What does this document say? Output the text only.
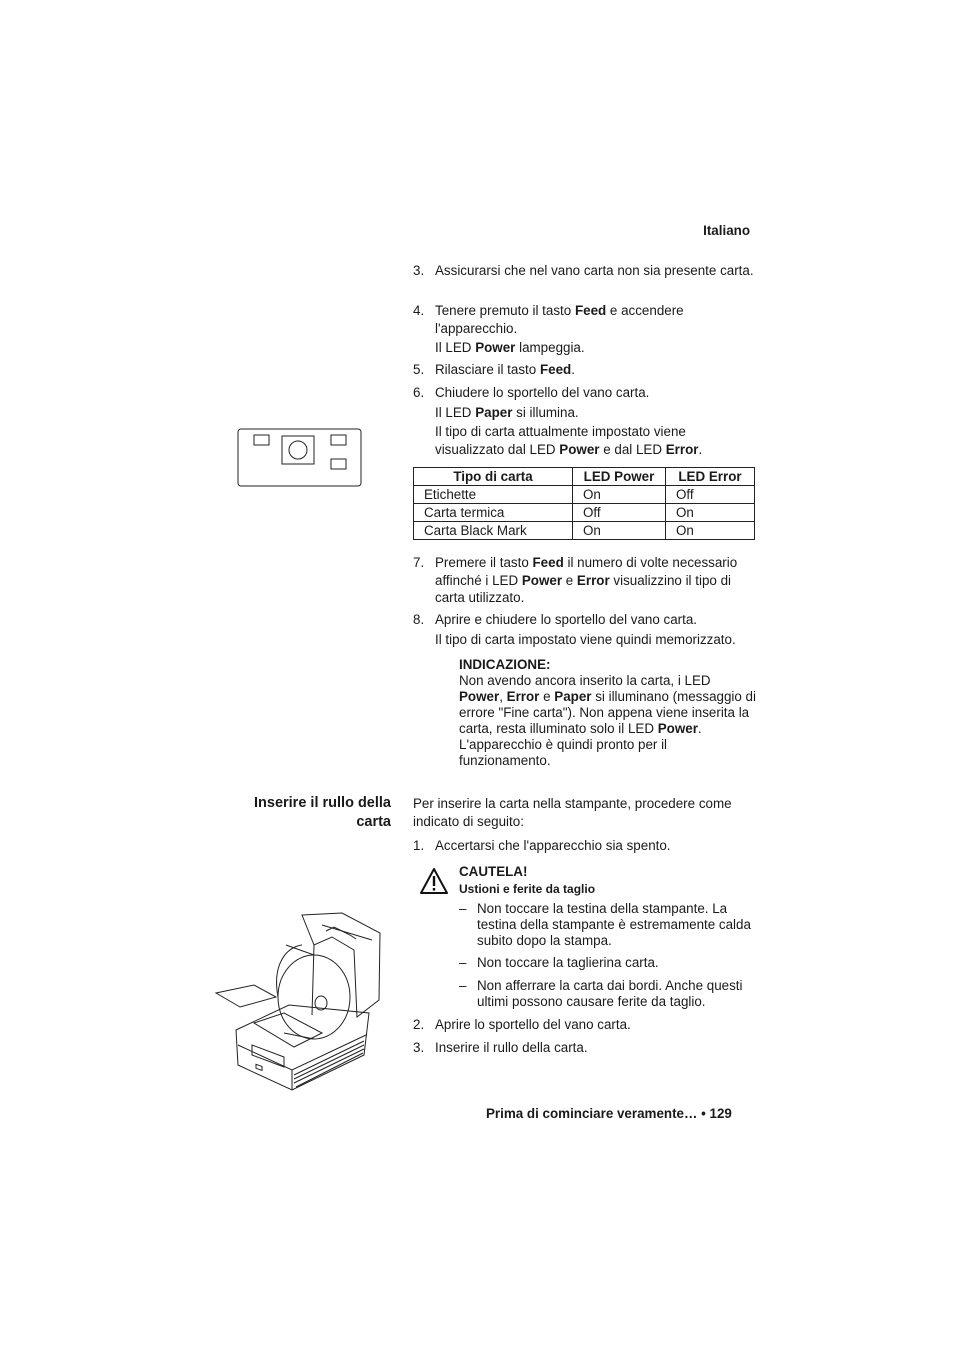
Italiano
3. Assicurarsi che nel vano carta non sia presente carta.

4. Tenere premuto il tasto Feed e accendere l'apparecchio.

Il LED Power lampeggia.

5. Rilasciare il tasto Feed.

6. Chiudere lo sportello del vano carta.

Il LED Paper si illumina.

Il tipo di carta attualmente impostato viene visualizzato dal LED Power e dal LED Error.

Tipo di carta	LED Power	LED Error
Etichette	On	Off
Carta termica	Off	On
Carta Black Mark	On	On
7. Premere il tasto Feed il numero di volte necessario affinché i LED Power e Error visualizzino il tipo di carta utilizzato.

8. Aprire e chiudere lo sportello del vano carta.

Il tipo di carta impostato viene quindi memorizzato.

INDICAZIONE:

Non avendo ancora inserito la carta, i LED Power, Error e Paper si illuminano (messaggio di errore "Fine carta"). Non appena viene inserita la carta, resta illuminato solo il LED Power. L'apparecchio è quindi pronto per il funzionamento.

Inserire il rullo della
carta
Per inserire la carta nella stampante, procedere come indicato di seguito:
1. Accertarsi che l'apparecchio sia spento.
CAUTELA!
Ustioni e ferite da taglio
– Non toccare la testina della stampante. La testina della stampante è estremamente calda subito dopo la stampa.
– Non toccare la taglierina carta.
– Non afferrare la carta dai bordi. Anche questi ultimi possono causare ferite da taglio.
2. Aprire lo sportello del vano carta.
3. Inserire il rullo della carta.
Prima di cominciare veramente… • 129
